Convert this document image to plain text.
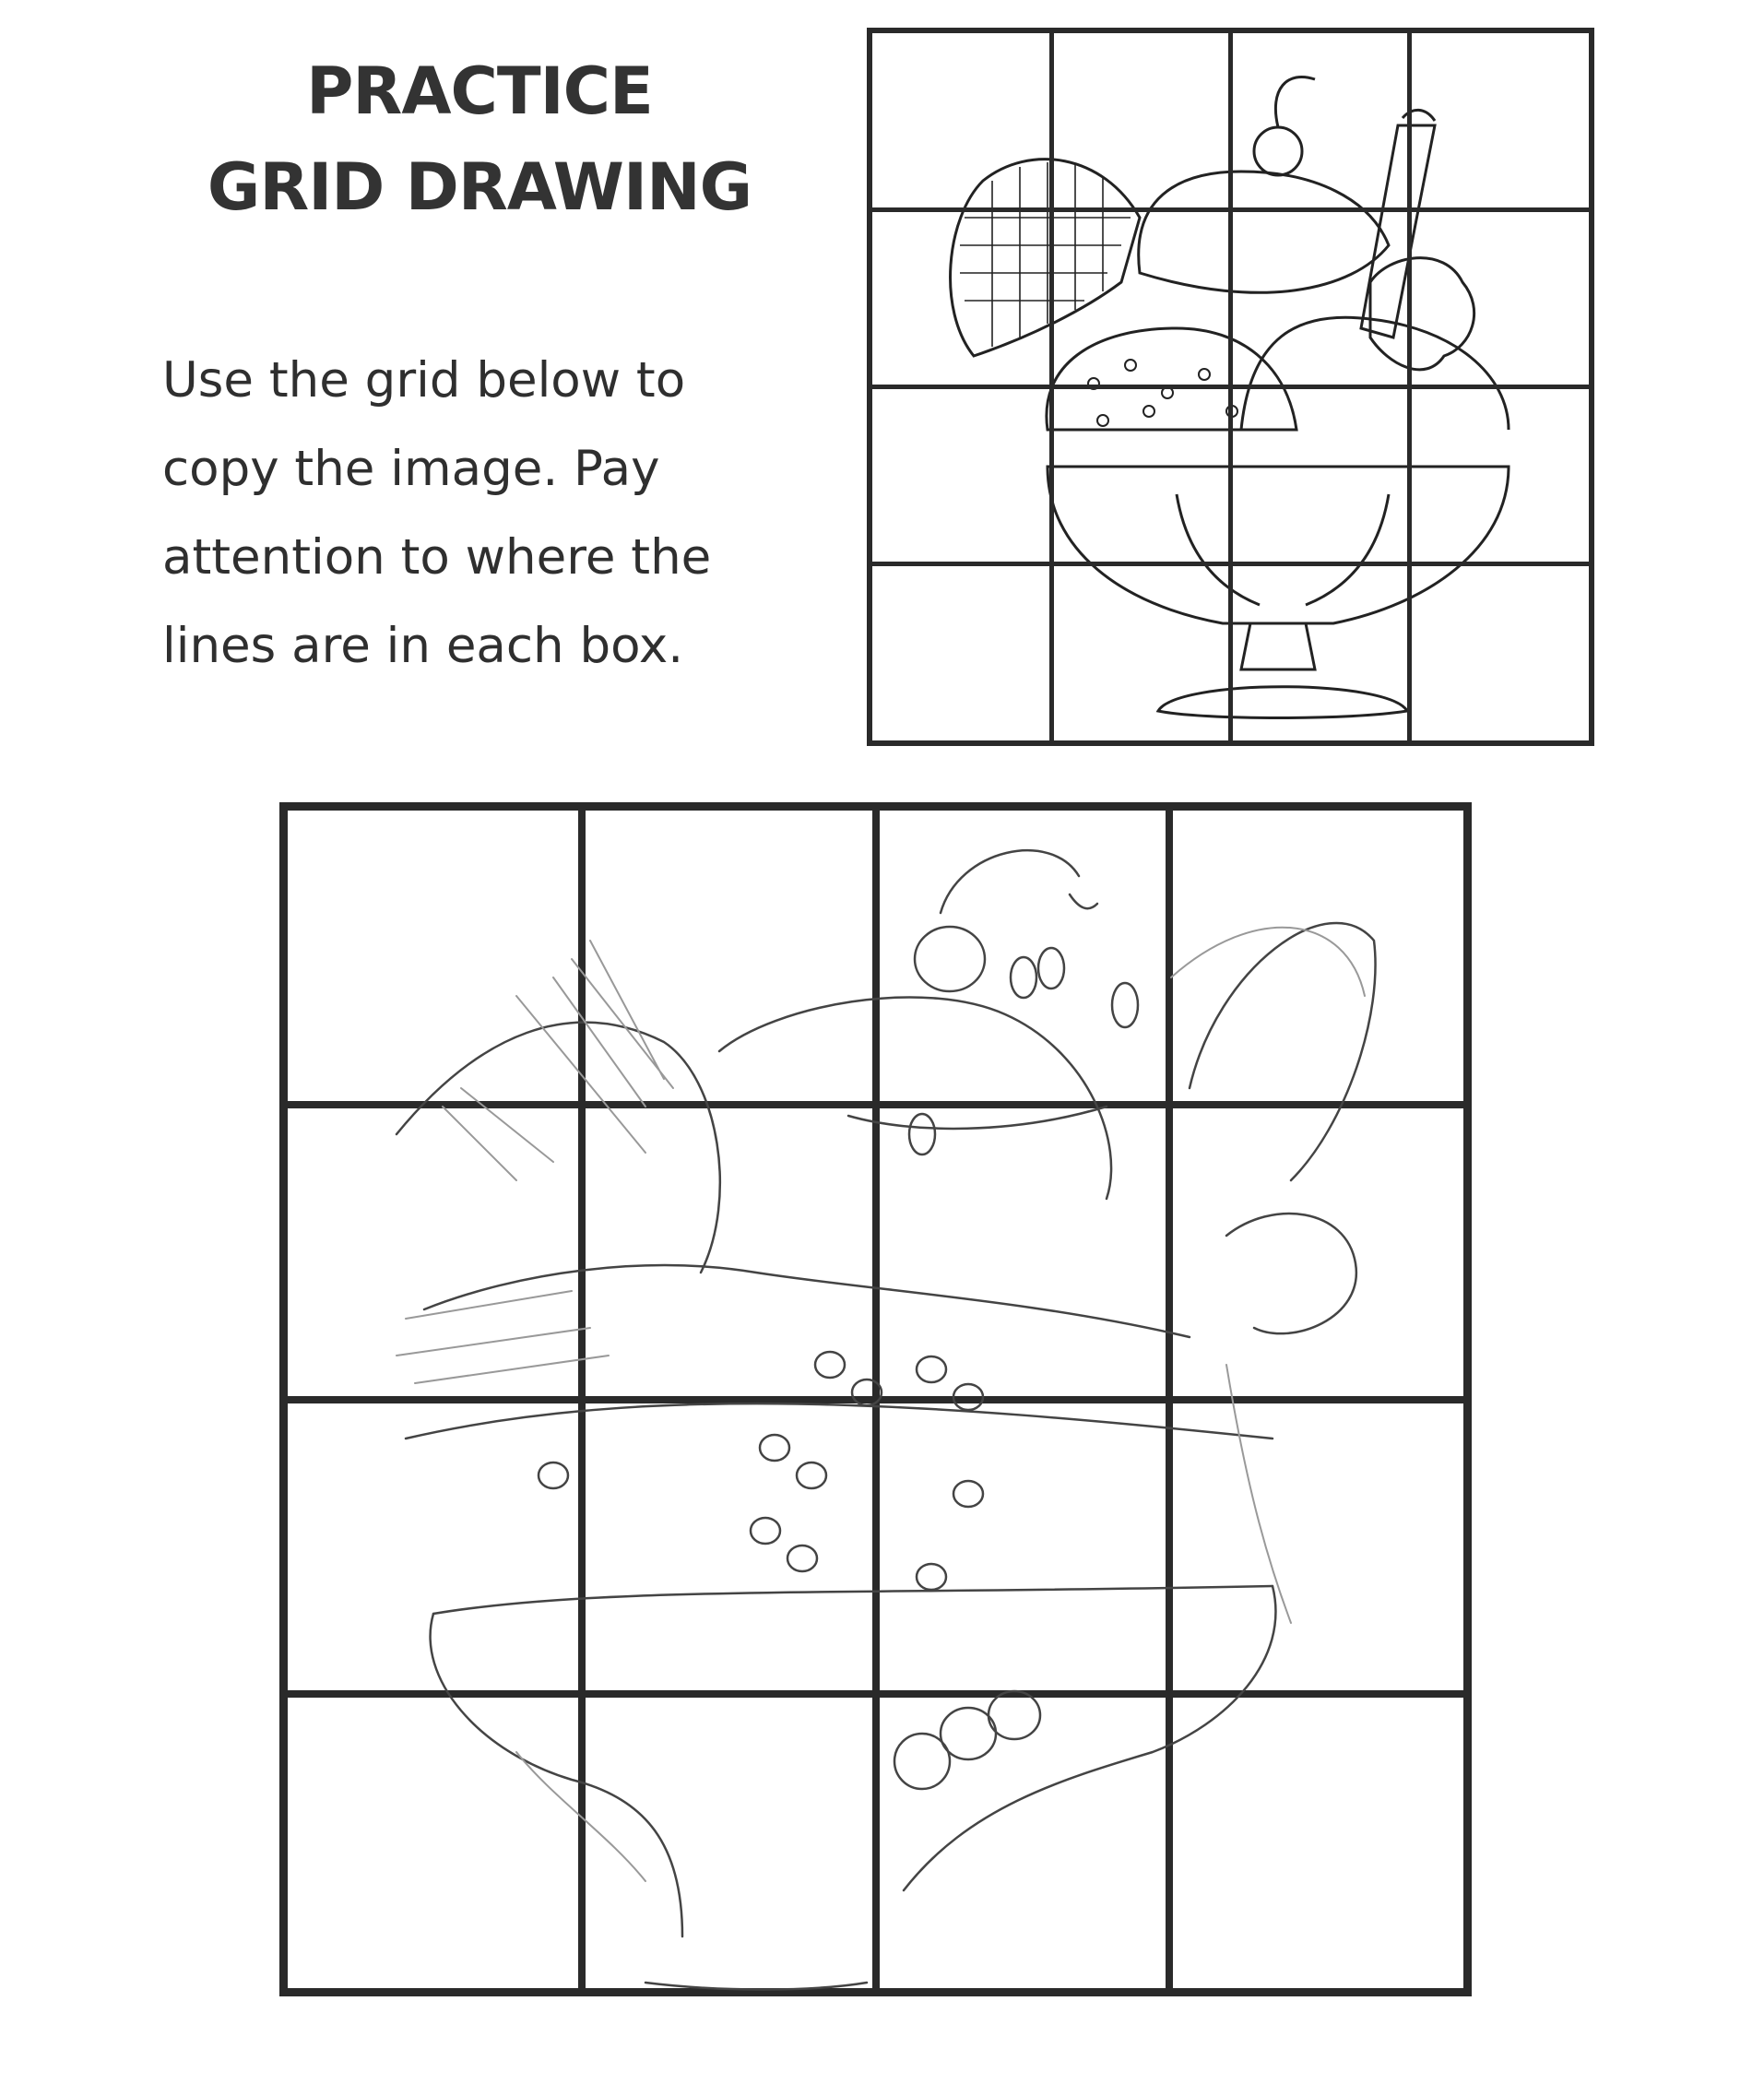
PRACTICE
GRID DRAWING
Use the grid below to
copy the image. Pay
attention to where the
lines are in each box.
